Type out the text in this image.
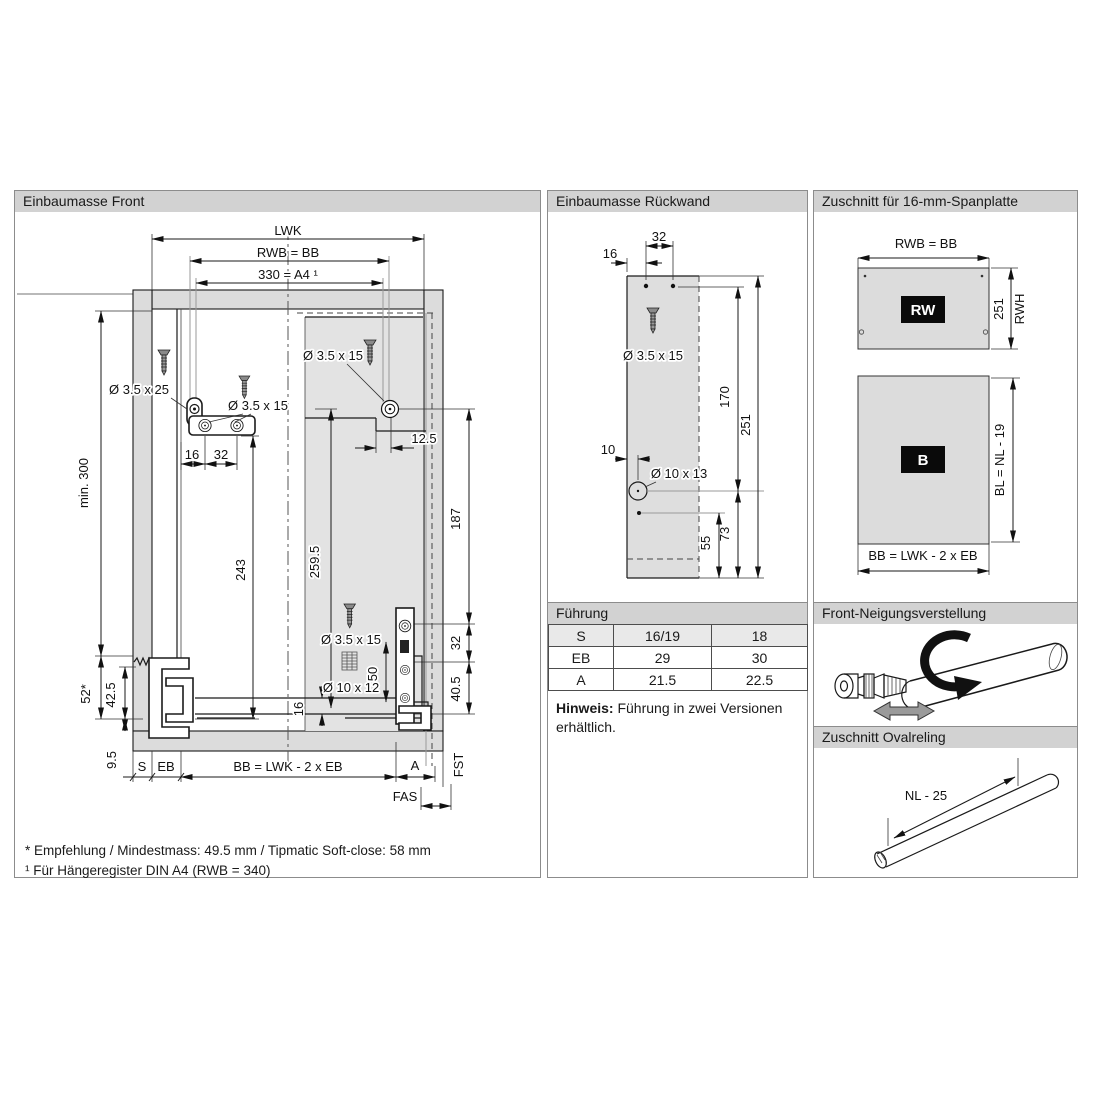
Einbaumasse Front
LWK
RWB = BB
330 = A4 ¹
min. 300
52* 42.5
9.5
Ø 3.5 x 25
Ø 3.5 x 15
16 32
243
Ø 3.5 x 15
12.5
259.5
187
32
40.5
16
Ø 3.5 x 15
Ø 10 x 12
50
S EB	BB = LWK - 2 x EB	A
FAS
FST
* Empfehlung / Mindestmass: 49.5 mm / Tipmatic Soft-close: 58 mm
¹ Für Hängeregister DIN A4 (RWB = 340)
Einbaumasse Rückwand
Ø 3.5 x 15
32
16
170
73
251
55
10
Ø 10 x 13
Führung
S	16/19	18
EB	29	30
A	21.5	22.5

Hinweis: Führung in zwei Versionen erhältlich.

Zuschnitt für 16-mm-Spanplatte
RWB = BB
RW	251 RWH
B	BL = NL - 19
BB = LWK - 2 x EB
Front-Neigungsverstellung
Zuschnitt Ovalreling
NL - 25
